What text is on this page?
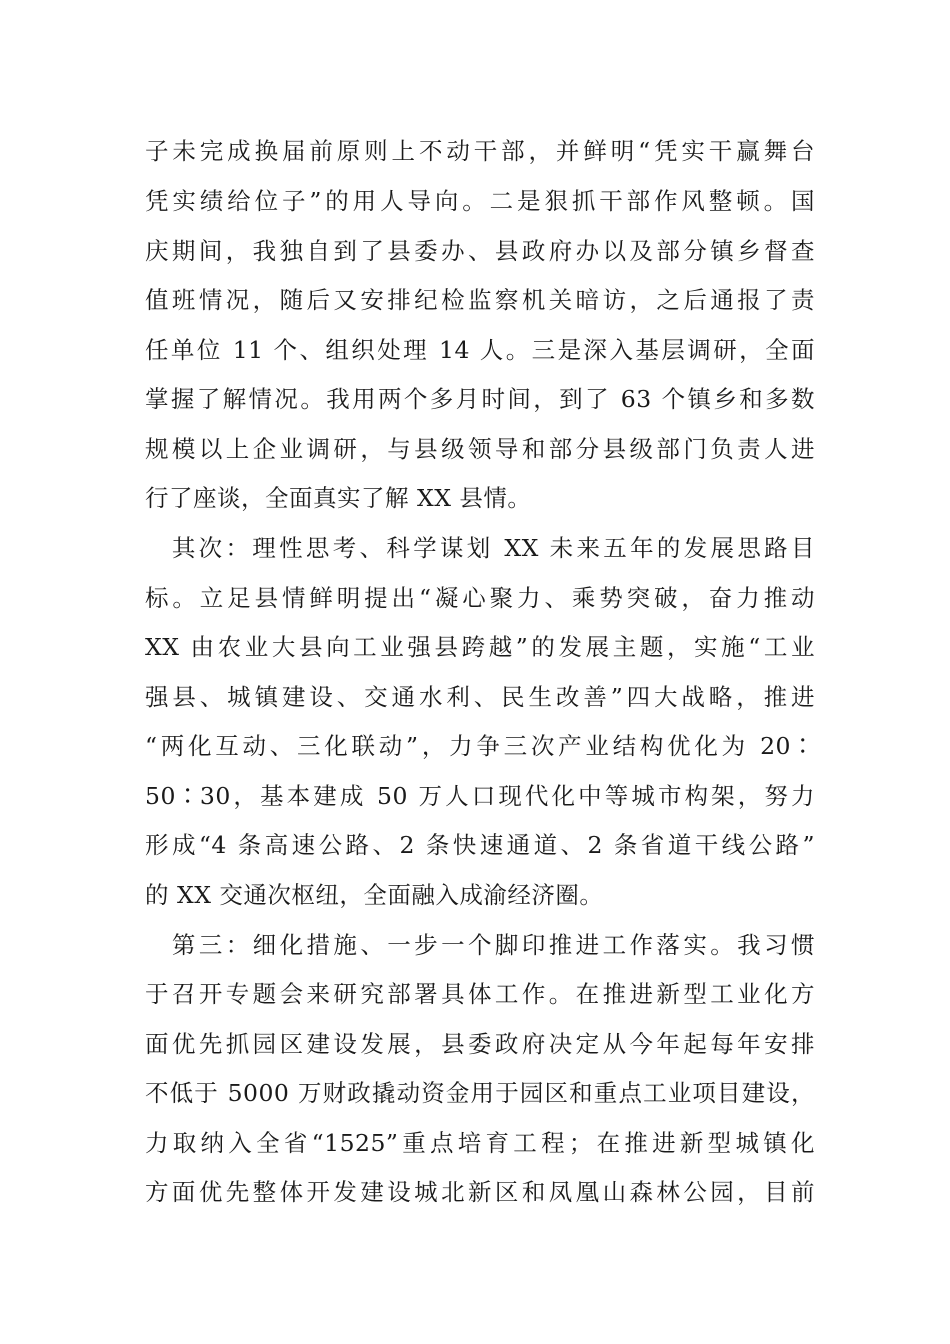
子未完成换届前原则上不动干部，并鲜明“凭实干赢舞台
凭实绩给位子”的用人导向。二是狠抓干部作风整顿。国
庆期间，我独自到了县委办、县政府办以及部分镇乡督查
值班情况，随后又安排纪检监察机关暗访，之后通报了责
任单位 11 个、组织处理 14 人。三是深入基层调研，全面
掌握了解情况。我用两个多月时间，到了 63 个镇乡和多数
规模以上企业调研，与县级领导和部分县级部门负责人进
行了座谈，全面真实了解 XX 县情。
　其次：理性思考、科学谋划 XX 未来五年的发展思路目
标。立足县情鲜明提出“凝心聚力、乘势突破，奋力推动
XX 由农业大县向工业强县跨越”的发展主题，实施“工业
强县、城镇建设、交通水利、民生改善”四大战略，推进
“两化互动、三化联动”，力争三次产业结构优化为 20∶
50∶30，基本建成 50 万人口现代化中等城市构架，努力
形成“4 条高速公路、2 条快速通道、2 条省道干线公路”
的 XX 交通次枢纽，全面融入成渝经济圈。
　第三：细化措施、一步一个脚印推进工作落实。我习惯
于召开专题会来研究部署具体工作。在推进新型工业化方
面优先抓园区建设发展，县委政府决定从今年起每年安排
不低于 5000 万财政撬动资金用于园区和重点工业项目建设，
力取纳入全省“1525”重点培育工程；在推进新型城镇化
方面优先整体开发建设城北新区和凤凰山森林公园，目前
